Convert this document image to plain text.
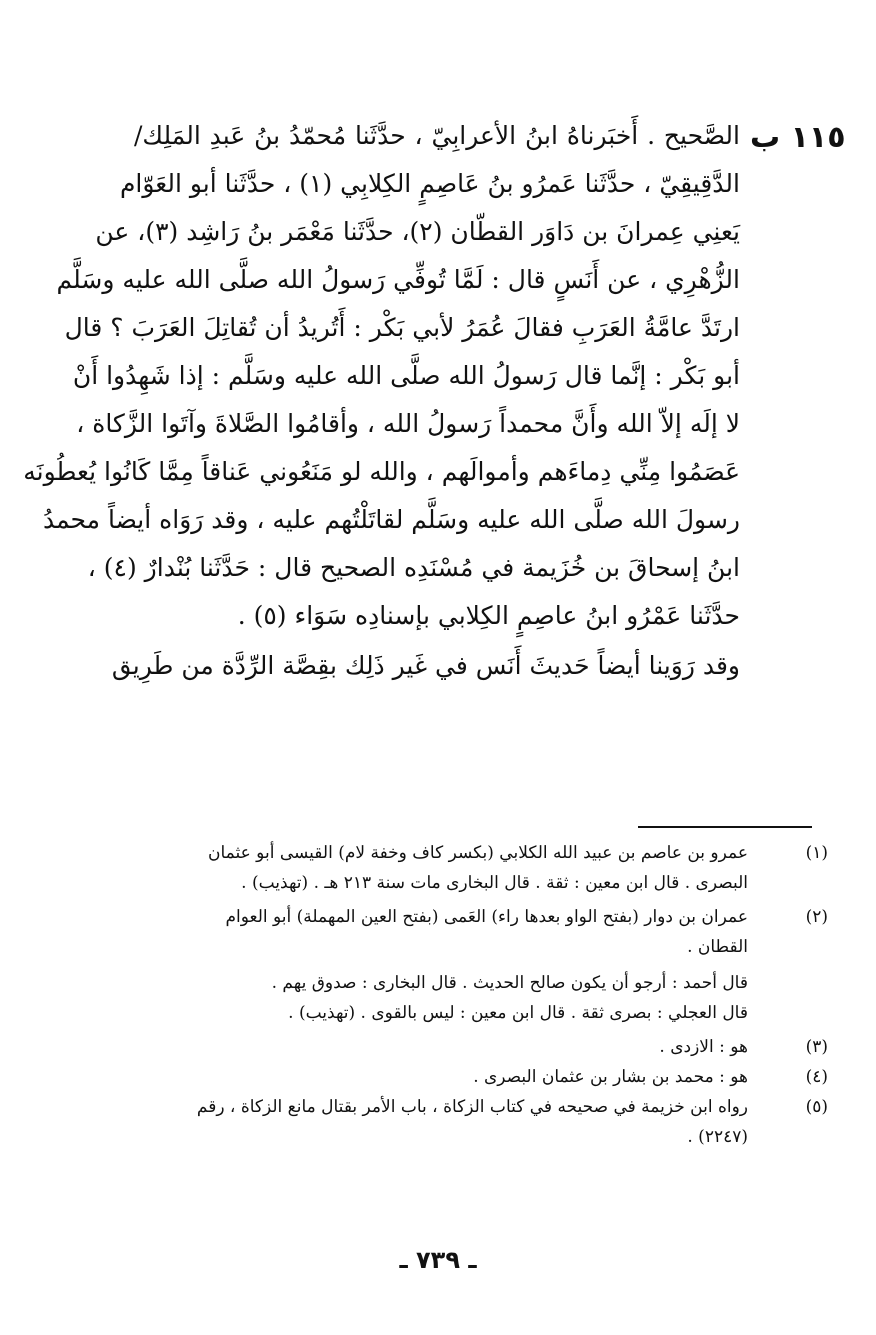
١١٥ ب
الصَّحيح . أَخبَرناهُ ابنُ الأعرابِيّ ، حدَّثَنا مُحمّدُ بنُ عَبدِ المَلِك/
الدَّقِيقِيّ ، حدَّثَنا عَمرُو بنُ عَاصِمٍ الكِلابِي (١) ، حدَّثَنا أبو العَوّام
يَعنِي عِمرانَ بن دَاوَر القطّان (٢)، حدَّثَنا مَعْمَر بنُ رَاشِد (٣)، عن
الزُّهْرِي ، عن أَنَسٍ قال : لَمَّا تُوفِّي رَسولُ الله صلَّى الله عليه وسَلَّم
ارتَدَّ عامَّةُ العَرَبِ فقالَ عُمَرُ لأبي بَكْر : أَتُريدُ أن تُقاتِلَ العَرَبَ ؟ قال
أبو بَكْر : إنَّما قال رَسولُ الله صلَّى الله عليه وسَلَّم : إذا شَهِدُوا أَنْ
لا إلَه إلاّ الله وأَنَّ محمداً رَسولُ الله ، وأقامُوا الصَّلاةَ وآتَوا الزَّكاة ،
عَصَمُوا مِنِّي دِماءَهم وأموالَهم ، والله لو مَنَعُوني عَناقاً مِمَّا كَانُوا يُعطُونَه
رسولَ الله صلَّى الله عليه وسَلَّم لقاتَلْتُهم عليه ، وقد رَوَاه أيضاً محمدُ
ابنُ إسحاقَ بن خُزَيمة في مُسْنَدِه الصحيح قال : حَدَّثَنا بُنْدارٌ (٤) ،
حدَّثَنا عَمْرُو ابنُ عاصِمٍ الكِلابي بإسنادِه سَوَاء (٥) .
وقد رَوَينا أيضاً حَديثَ أَنَس في غَير ذَلِك بقِصَّة الرِّدَّة من طَرِيق
(١)
عمرو بن عاصم بن عبيد الله الكلابي (بكسر كاف وخفة لام) القيسى أبو عثمان
البصرى . قال ابن معين : ثقة . قال البخارى مات سنة ٢١٣ هـ . (تهذيب) .
(٢)
عمران بن دوار (بفتح الواو بعدها راء) العَمى (بفتح العين المهملة) أبو العوام
القطان .
قال أحمد : أرجو أن يكون صالح الحديث . قال البخارى : صدوق يهم .
قال العجلي : بصرى ثقة . قال ابن معين : ليس بالقوى . (تهذيب) .
(٣)
هو : الازدى .
(٤)
هو : محمد بن بشار بن عثمان البصرى .
(٥)
رواه ابن خزيمة في صحيحه في كتاب الزكاة ، باب الأمر بقتال مانع الزكاة ، رقم
(٢٢٤٧) .
ـ ٧٣٩ ـ
